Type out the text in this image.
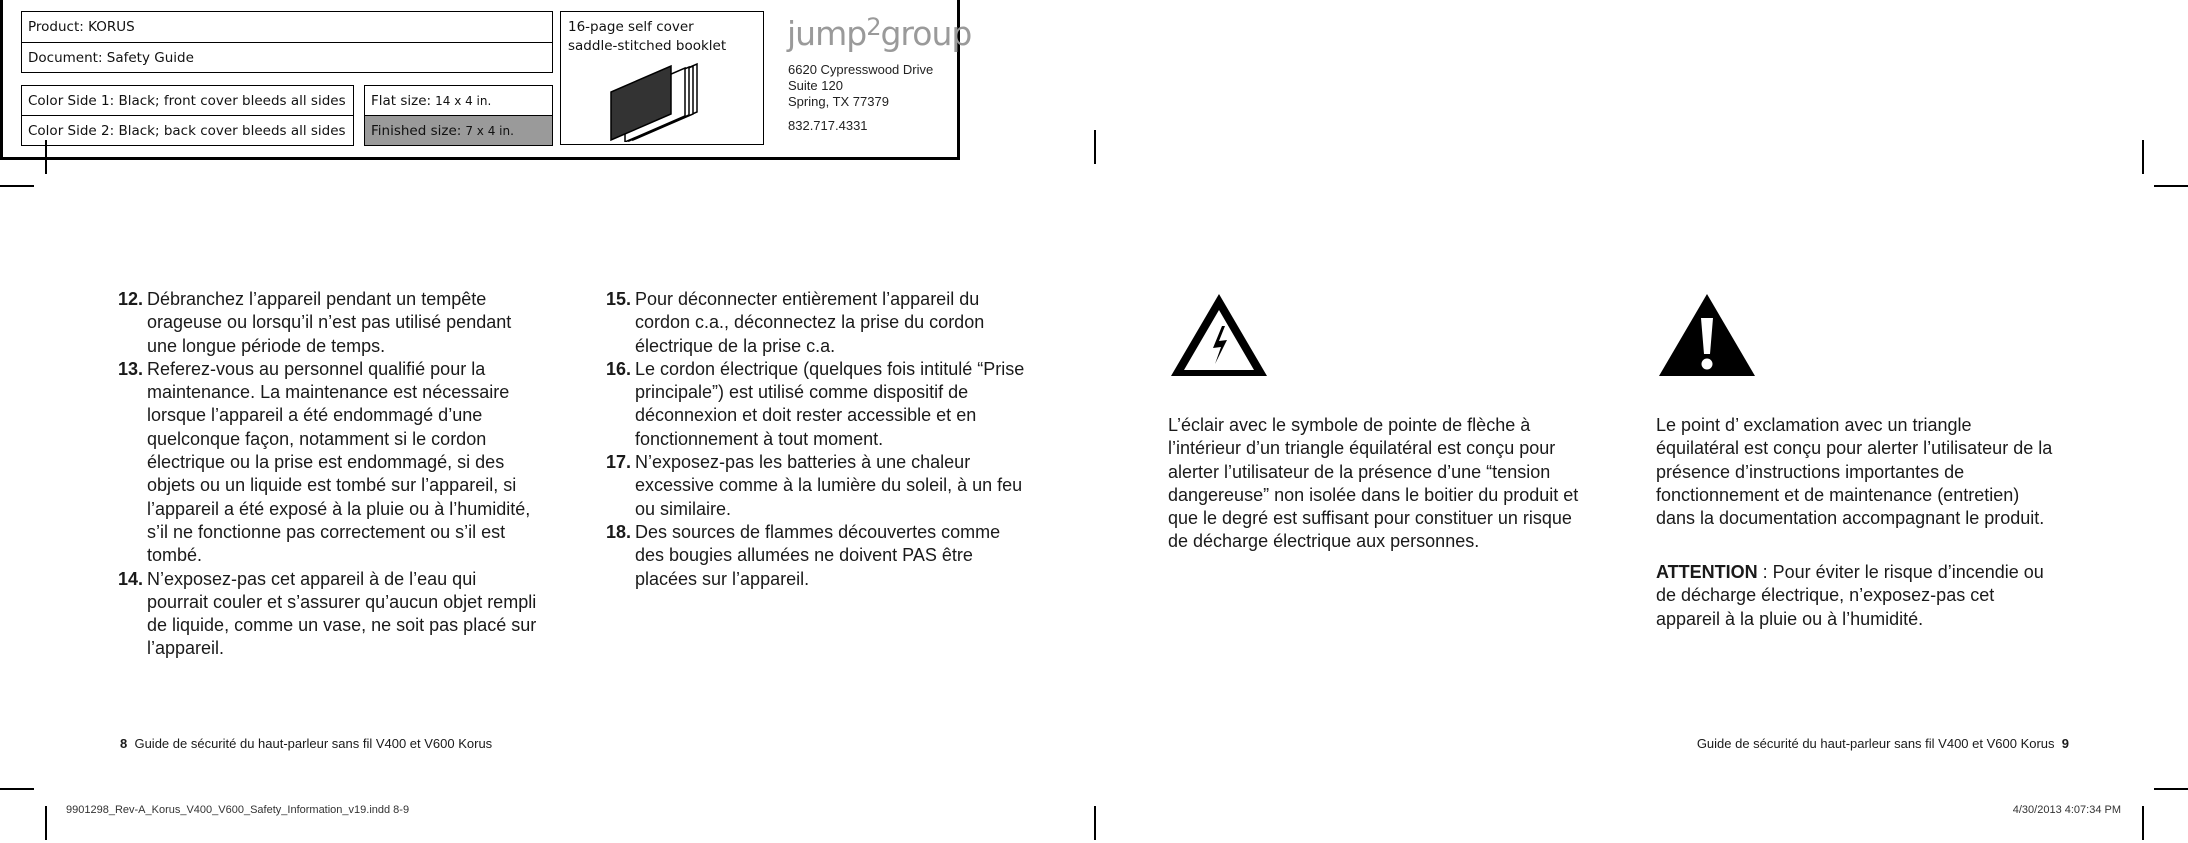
Product: KORUS
Document: Safety Guide
Color Side 1: Black; front cover bleeds all sides
Color Side 2: Black; back cover bleeds all sides
Flat size: 14 x 4 in.
Finished size: 7 x 4 in.
16-page self cover
saddle-stitched booklet jump$^2$group
6620 Cypresswood Drive
Suite 120
Spring, TX 77379
832.717.4331
12. Débranchez l’appareil pendant un tempête orageuse ou lorsqu’il n’est pas utilisé pendant une longue période de temps.
13. Referez-vous au personnel qualifié pour la maintenance. La maintenance est nécessaire lorsque l’appareil a été endommagé d’une quelconque façon, notamment si le cordon électrique ou la prise est endommagé, si des objets ou un liquide est tombé sur l’appareil, si l’appareil a été exposé à la pluie ou à l’humidité, s’il ne fonctionne pas correctement ou s’il est tombé.
14. N’exposez-pas cet appareil à de l’eau qui pourrait couler et s’assurer qu’aucun objet rempli de liquide, comme un vase, ne soit pas placé sur l’appareil.
15. Pour déconnecter entièrement l’appareil du cordon c.a., déconnectez la prise du cordon électrique de la prise c.a.
16. Le cordon électrique (quelques fois intitulé “Prise principale”) est utilisé comme dispositif de déconnexion et doit rester accessible et en fonctionnement à tout moment.
17. N’exposez-pas les batteries à une chaleur excessive comme à la lumière du soleil, à un feu ou similaire.
18. Des sources de flammes découvertes comme des bougies allumées ne doivent PAS être placées sur l’appareil.
8 Guide de sécurité du haut-parleur sans fil V400 et V600 Korus
L’éclair avec le symbole de pointe de flèche à l’intérieur d’un triangle équilatéral est conçu pour alerter l’utilisateur de la présence d’une “tension dangereuse” non isolée dans le boitier du produit et que le degré est suffisant pour constituer un risque de décharge électrique aux personnes.
Le point d’ exclamation avec un triangle équilatéral est conçu pour alerter l’utilisateur de la présence d’instructions importantes de fonctionnement et de maintenance (entretien) dans la documentation accompagnant le produit.
ATTENTION : Pour éviter le risque d’incendie ou de décharge électrique, n’exposez-pas cet appareil à la pluie ou à l’humidité.
Guide de sécurité du haut-parleur sans fil V400 et V600 Korus 9
9901298_Rev-A_Korus_V400_V600_Safety_Information_v19.indd 8-9	4/30/2013 4:07:34 PM
